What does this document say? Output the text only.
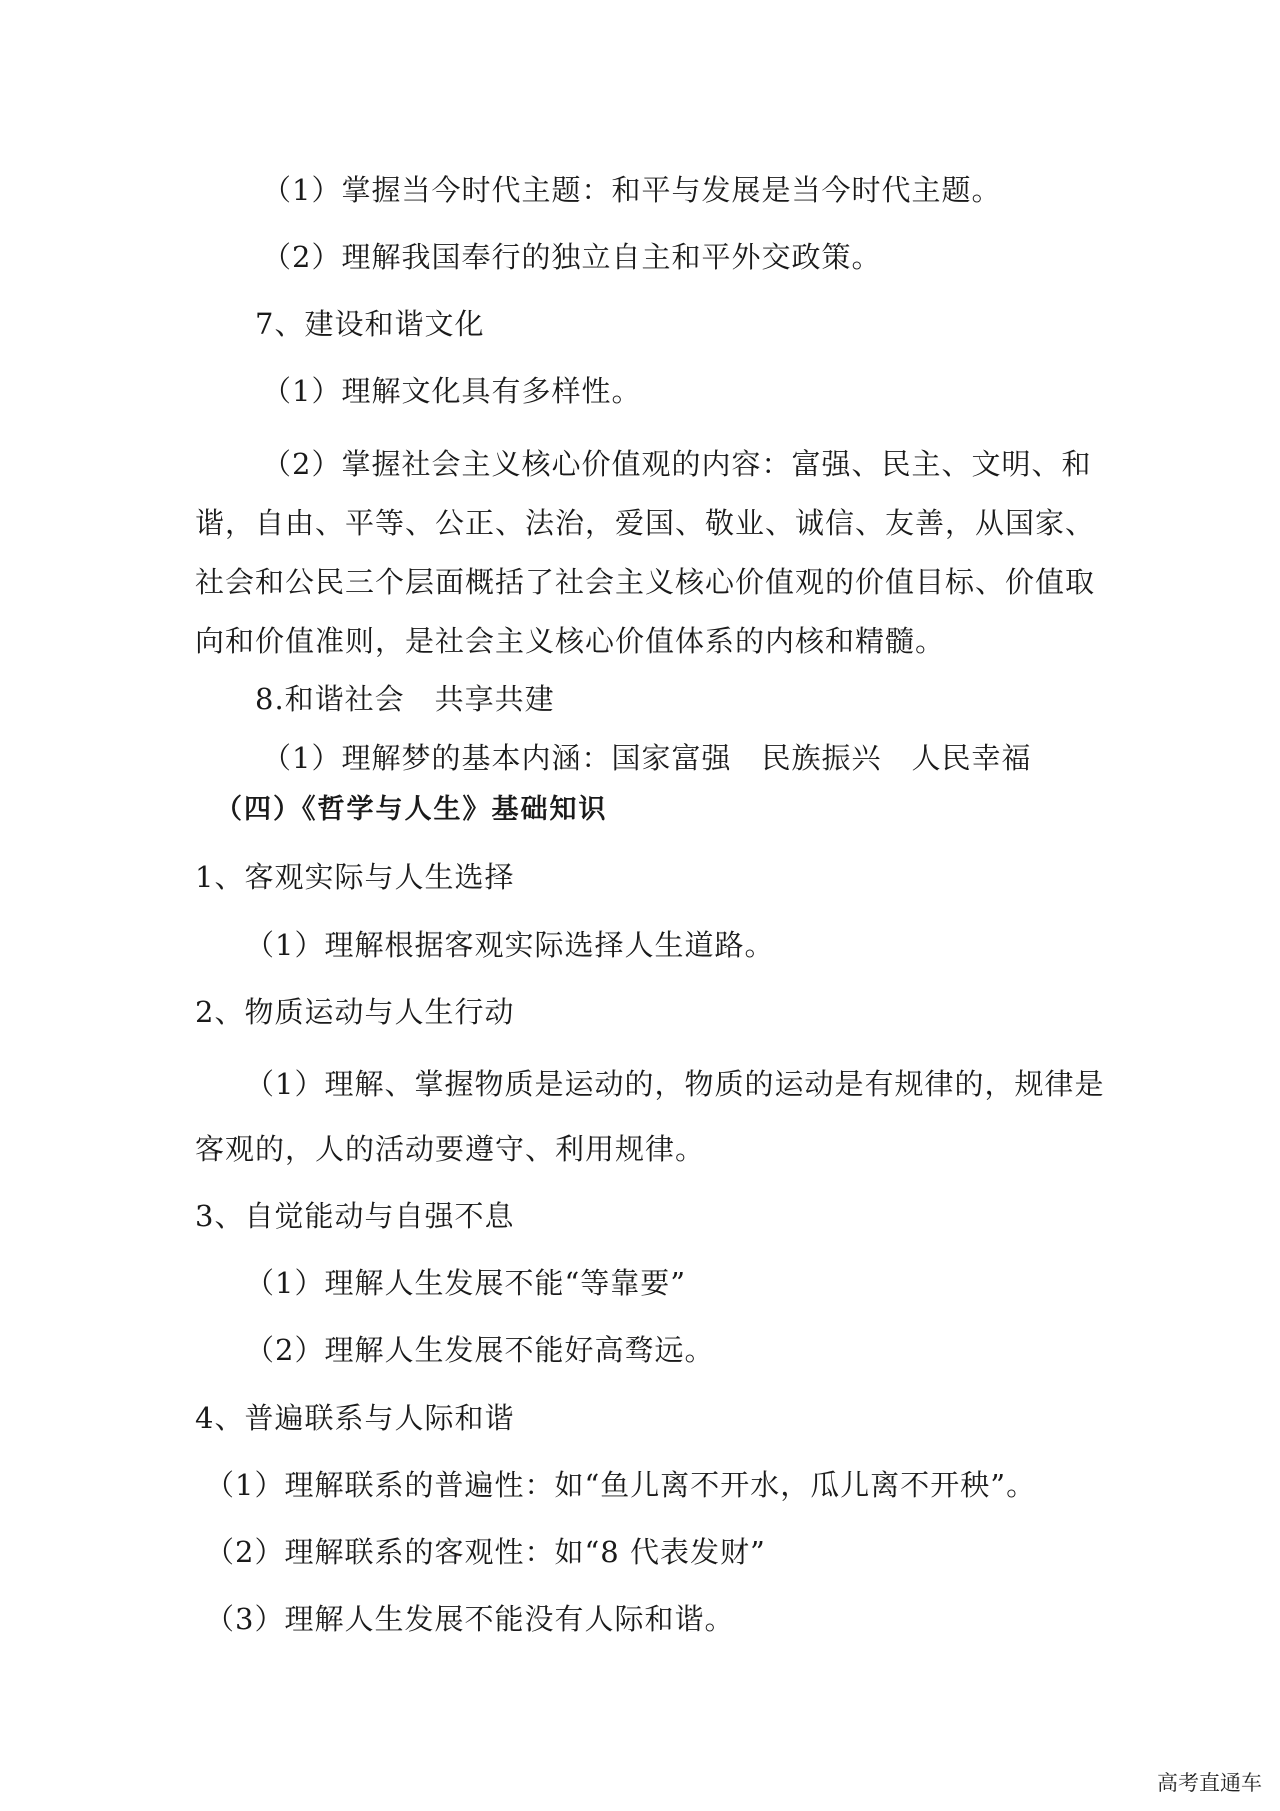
（1）掌握当今时代主题：和平与发展是当今时代主题。
（2）理解我国奉行的独立自主和平外交政策。
7、建设和谐文化
（1）理解文化具有多样性。
（2）掌握社会主义核心价值观的内容：富强、民主、文明、和
谐，自由、平等、公正、法治，爱国、敬业、诚信、友善，从国家、
社会和公民三个层面概括了社会主义核心价值观的价值目标、价值取
向和价值准则，是社会主义核心价值体系的内核和精髓。
8.和谐社会　共享共建
（1）理解梦的基本内涵：国家富强　民族振兴　人民幸福
（四）《哲学与人生》基础知识
1、客观实际与人生选择
（1）理解根据客观实际选择人生道路。
2、物质运动与人生行动
（1）理解、掌握物质是运动的，物质的运动是有规律的，规律是
客观的，人的活动要遵守、利用规律。
3、自觉能动与自强不息
（1）理解人生发展不能“等靠要”
（2）理解人生发展不能好高骛远。
4、普遍联系与人际和谐
（1）理解联系的普遍性：如“鱼儿离不开水，瓜儿离不开秧”。
（2）理解联系的客观性：如“8 代表发财”
（3）理解人生发展不能没有人际和谐。
高考直通车
